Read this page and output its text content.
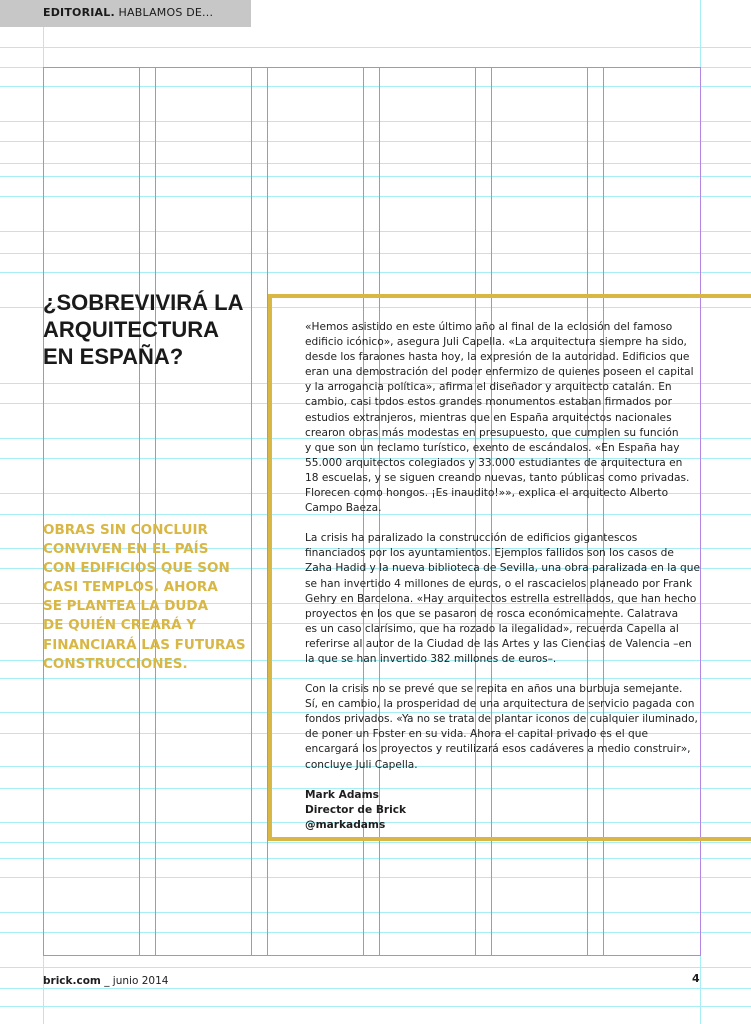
EDITORIAL. HABLAMOS DE...
¿SOBREVIVIRÁ LA
ARQUITECTURA
EN ESPAÑA?

OBRAS SIN CONCLUIR
CONVIVEN EN EL PAÍS
CON EDIFICIOS QUE SON
CASI TEMPLOS. AHORA
SE PLANTEA LA DUDA
DE QUIÉN CREARÁ Y
FINANCIARÁ LAS FUTURAS
CONSTRUCCIONES.

«Hemos asistido en este último año al final de la eclosión del famoso
edificio icónico», asegura Juli Capella. «La arquitectura siempre ha sido,
desde los faraones hasta hoy, la expresión de la autoridad. Edificios que
eran una demostración del poder enfermizo de quienes poseen el capital
y la arrogancia política», afirma el diseñador y arquitecto catalán. En
cambio, casi todos estos grandes monumentos estaban firmados por
estudios extranjeros, mientras que en España arquitectos nacionales
crearon obras más modestas en presupuesto, que cumplen su función
y que son un reclamo turístico, exento de escándalos. «En España hay
55.000 arquitectos colegiados y 33.000 estudiantes de arquitectura en
18 escuelas, y se siguen creando nuevas, tanto públicas como privadas.
Florecen como hongos. ¡Es inaudito!»», explica el arquitecto Alberto
Campo Baeza.
La crisis ha paralizado la construcción de edificios gigantescos
financiados por los ayuntamientos. Ejemplos fallidos son los casos de
Zaha Hadid y la nueva biblioteca de Sevilla, una obra paralizada en la que
se han invertido 4 millones de euros, o el rascacielos planeado por Frank
Gehry en Barcelona. «Hay arquitectos estrella estrellados, que han hecho
proyectos en los que se pasaron de rosca económicamente. Calatrava
es un caso clarísimo, que ha rozado la ilegalidad», recuerda Capella al
referirse al autor de la Ciudad de las Artes y las Ciencias de Valencia –en
la que se han invertido 382 millones de euros–.
Con la crisis no se prevé que se repita en años una burbuja semejante.
Sí, en cambio, la prosperidad de una arquitectura de servicio pagada con
fondos privados. «Ya no se trata de plantar iconos de cualquier iluminado,
de poner un Foster en su vida. Ahora el capital privado es el que
encargará los proyectos y reutilizará esos cadáveres a medio construir»,
concluye Juli Capella.
Mark Adams
Director de Brick
@markadams
brick.com _ junio 2014	4
